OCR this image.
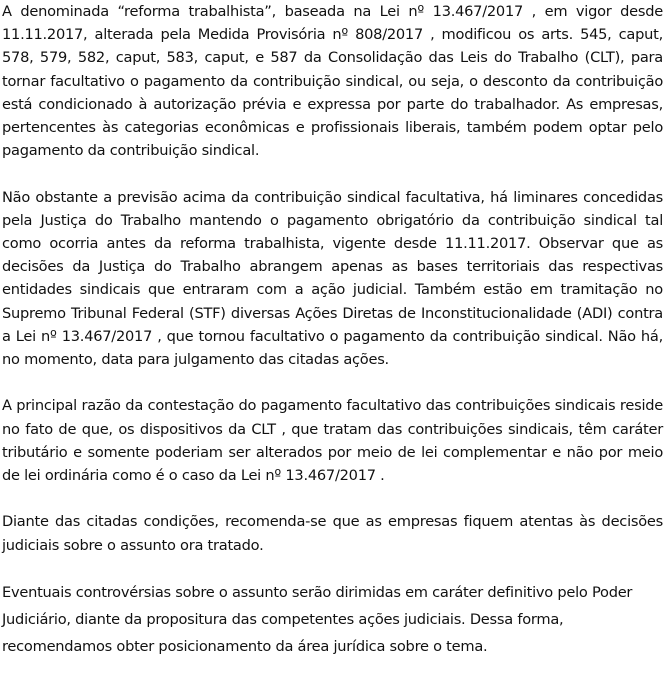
A denominada “reforma trabalhista”, baseada na Lei nº 13.467/2017 , em vigor desde 11.11.2017, alterada pela Medida Provisória nº 808/2017 , modificou os arts. 545, caput, 578, 579, 582, caput, 583, caput, e 587 da Consolidação das Leis do Trabalho (CLT), para tornar facultativo o pagamento da contribuição sindical, ou seja, o desconto da contribuição está condicionado à autorização prévia e expressa por parte do trabalhador. As empresas, pertencentes às categorias econômicas e profissionais liberais, também podem optar pelo pagamento da contribuição sindical.

Não obstante a previsão acima da contribuição sindical facultativa, há liminares concedidas pela Justiça do Trabalho mantendo o pagamento obrigatório da contribuição sindical tal como ocorria antes da reforma trabalhista, vigente desde 11.11.2017. Observar que as decisões da Justiça do Trabalho abrangem apenas as bases territoriais das respectivas entidades sindicais que entraram com a ação judicial. Também estão em tramitação no Supremo Tribunal Federal (STF) diversas Ações Diretas de Inconstitucionalidade (ADI) contra a Lei nº 13.467/2017 , que tornou facultativo o pagamento da contribuição sindical. Não há, no momento, data para julgamento das citadas ações.

A principal razão da contestação do pagamento facultativo das contribuições sindicais reside no fato de que, os dispositivos da CLT , que tratam das contribuições sindicais, têm caráter tributário e somente poderiam ser alterados por meio de lei complementar e não por meio de lei ordinária como é o caso da Lei nº 13.467/2017 .

Diante das citadas condições, recomenda-se que as empresas fiquem atentas às decisões judiciais sobre o assunto ora tratado.

Eventuais controvérsias sobre o assunto serão dirimidas em caráter definitivo pelo Poder Judiciário, diante da propositura das competentes ações judiciais. Dessa forma, recomendamos obter posicionamento da área jurídica sobre o tema.
